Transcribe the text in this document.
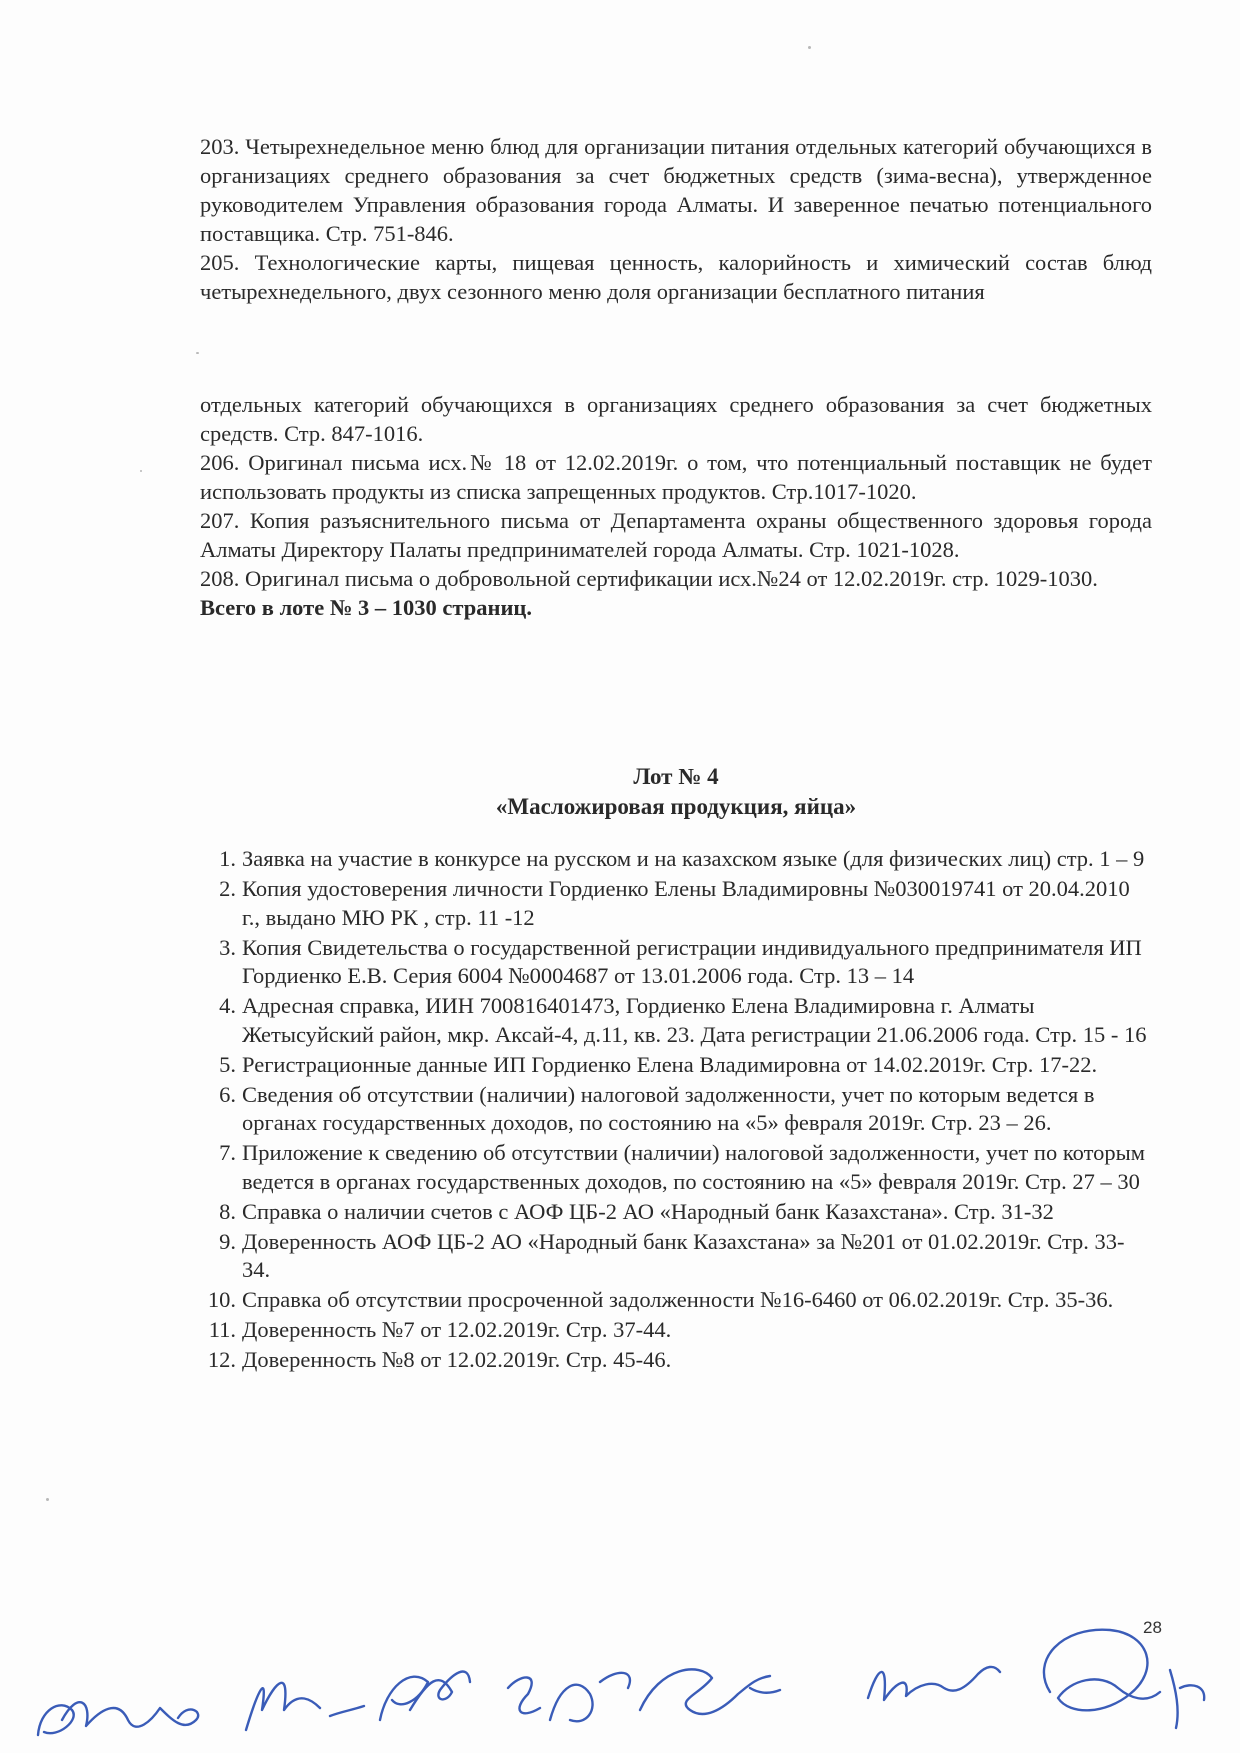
203. Четырехнедельное меню блюд для организации питания отдельных категорий обучающихся в организациях среднего образования за счет бюджетных средств (зима-весна), утвержденное руководителем Управления образования города Алматы. И заверенное печатью потенциального поставщика. Стр. 751-846.

205. Технологические карты, пищевая ценность, калорийность и химический состав блюд четырехнедельного, двух сезонного меню доля организации бесплатного питания

отдельных категорий обучающихся в организациях среднего образования за счет бюджетных средств. Стр. 847-1016.

206. Оригинал письма исх.№ 18 от 12.02.2019г. о том, что потенциальный поставщик не будет использовать продукты из списка запрещенных продуктов. Стр.1017-1020.

207. Копия разъяснительного письма от Департамента охраны общественного здоровья города Алматы Директору Палаты предпринимателей города Алматы. Стр. 1021-1028.

208. Оригинал письма о добровольной сертификации исх.№24 от 12.02.2019г. стр. 1029-1030.

Всего в лоте № 3 – 1030 страниц.

Лот № 4
«Масложировая продукция, яйца»
1. Заявка на участие в конкурсе на русском и на казахском языке (для физических лиц) стр. 1 – 9
2. Копия удостоверения личности Гордиенко Елены Владимировны №030019741 от 20.04.2010 г., выдано МЮ РК , стр. 11 -12
3. Копия Свидетельства о государственной регистрации индивидуального предпринимателя ИП Гордиенко Е.В. Серия 6004 №0004687 от 13.01.2006 года. Стр. 13 – 14
4. Адресная справка, ИИН 700816401473, Гордиенко Елена Владимировна г. Алматы Жетысуйский район, мкр. Аксай-4, д.11, кв. 23. Дата регистрации 21.06.2006 года. Стр. 15 - 16
5. Регистрационные данные ИП Гордиенко Елена Владимировна от 14.02.2019г. Стр. 17-22.
6. Сведения об отсутствии (наличии) налоговой задолженности, учет по которым ведется в органах государственных доходов, по состоянию на «5» февраля 2019г. Стр. 23 – 26.
7. Приложение к сведению об отсутствии (наличии) налоговой задолженности, учет по которым ведется в органах государственных доходов, по состоянию на «5» февраля 2019г. Стр. 27 – 30
8. Справка о наличии счетов с АОФ ЦБ-2 АО «Народный банк Казахстана». Стр. 31-32
9. Доверенность АОФ ЦБ-2 АО «Народный банк Казахстана» за №201 от 01.02.2019г. Стр. 33-34.
10. Справка об отсутствии просроченной задолженности №16-6460 от 06.02.2019г. Стр. 35-36.
11. Доверенность №7 от 12.02.2019г. Стр. 37-44.
12. Доверенность №8 от 12.02.2019г. Стр. 45-46.
28
